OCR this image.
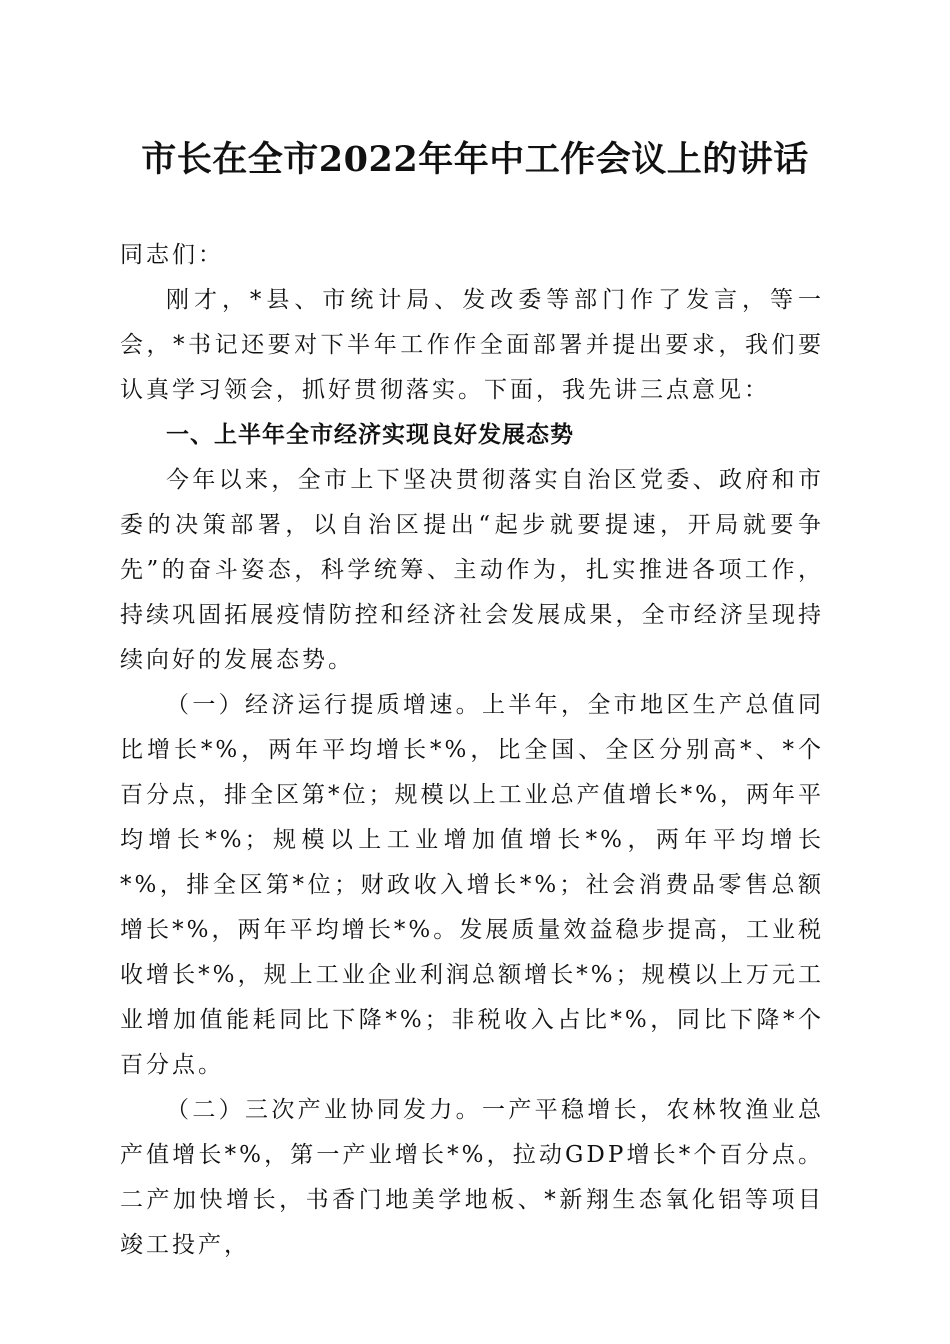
市长在全市2022年年中工作会议上的讲话

同志们：

刚才，*县、市统计局、发改委等部门作了发言，等一会，*书记还要对下半年工作作全面部署并提出要求，我们要认真学习领会，抓好贯彻落实。下面，我先讲三点意见：

一、上半年全市经济实现良好发展态势

今年以来，全市上下坚决贯彻落实自治区党委、政府和市委的决策部署，以自治区提出“起步就要提速，开局就要争先”的奋斗姿态，科学统筹、主动作为，扎实推进各项工作，持续巩固拓展疫情防控和经济社会发展成果，全市经济呈现持续向好的发展态势。

（一）经济运行提质增速。上半年，全市地区生产总值同比增长*%，两年平均增长*%，比全国、全区分别高*、*个百分点，排全区第*位；规模以上工业总产值增长*%，两年平均增长*%；规模以上工业增加值增长*%，两年平均增长*%，排全区第*位；财政收入增长*%；社会消费品零售总额增长*%，两年平均增长*%。发展质量效益稳步提高，工业税收增长*%，规上工业企业利润总额增长*%；规模以上万元工业增加值能耗同比下降*%；非税收入占比*%，同比下降*个百分点。

（二）三次产业协同发力。一产平稳增长，农林牧渔业总产值增长*%，第一产业增长*%，拉动GDP增长*个百分点。二产加快增长，书香门地美学地板、*新翔生态氧化铝等项目竣工投产，
